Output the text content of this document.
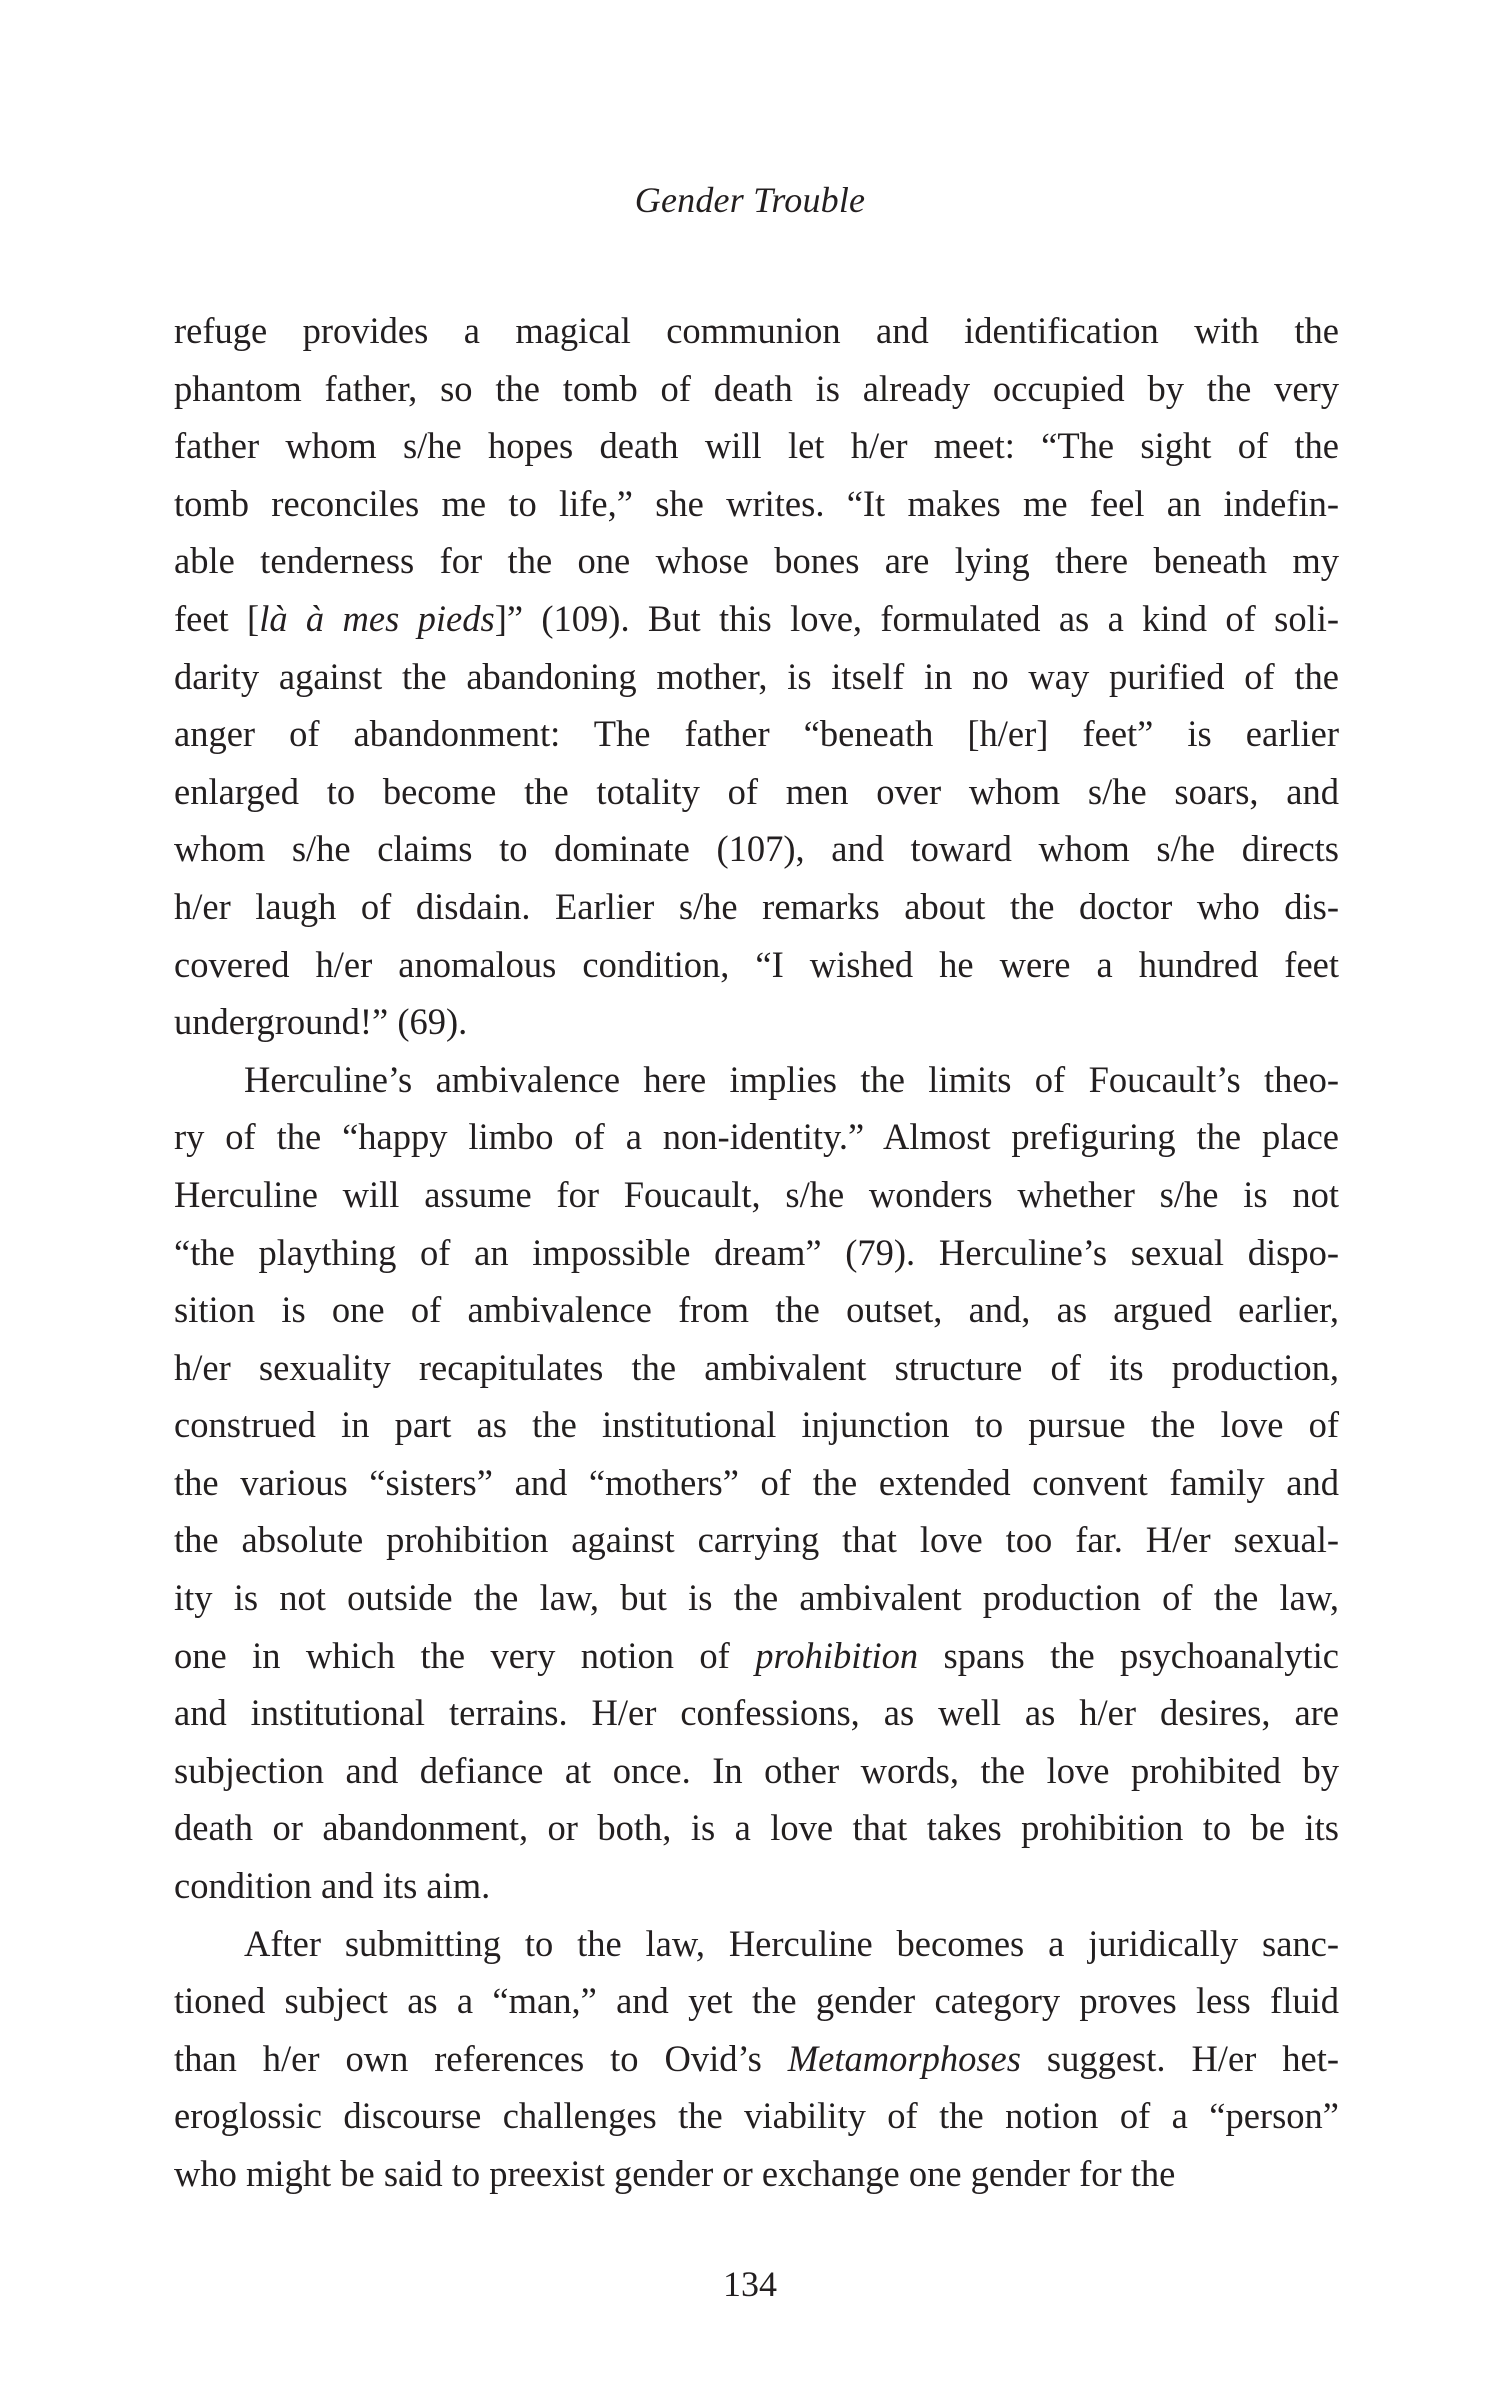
Gender Trouble
refuge provides a magical communion and identification with the
phantom father, so the tomb of death is already occupied by the very
father whom s/he hopes death will let h/er meet: “The sight of the
tomb reconciles me to life,” she writes. “It makes me feel an indefin-
able tenderness for the one whose bones are lying there beneath my
feet [là à mes pieds]” (109). But this love, formulated as a kind of soli-
darity against the abandoning mother, is itself in no way purified of the
anger of abandonment: The father “beneath [h/er] feet” is earlier
enlarged to become the totality of men over whom s/he soars, and
whom s/he claims to dominate (107), and toward whom s/he directs
h/er laugh of disdain. Earlier s/he remarks about the doctor who dis-
covered h/er anomalous condition, “I wished he were a hundred feet
underground!” (69).
Herculine’s ambivalence here implies the limits of Foucault’s theo-
ry of the “happy limbo of a non-identity.” Almost prefiguring the place
Herculine will assume for Foucault, s/he wonders whether s/he is not
“the plaything of an impossible dream” (79). Herculine’s sexual dispo-
sition is one of ambivalence from the outset, and, as argued earlier,
h/er sexuality recapitulates the ambivalent structure of its production,
construed in part as the institutional injunction to pursue the love of
the various “sisters” and “mothers” of the extended convent family and
the absolute prohibition against carrying that love too far. H/er sexual-
ity is not outside the law, but is the ambivalent production of the law,
one in which the very notion of prohibition spans the psychoanalytic
and institutional terrains. H/er confessions, as well as h/er desires, are
subjection and defiance at once. In other words, the love prohibited by
death or abandonment, or both, is a love that takes prohibition to be its
condition and its aim.
After submitting to the law, Herculine becomes a juridically sanc-
tioned subject as a “man,” and yet the gender category proves less fluid
than h/er own references to Ovid’s Metamorphoses suggest. H/er het-
eroglossic discourse challenges the viability of the notion of a “person”
who might be said to preexist gender or exchange one gender for the
134
